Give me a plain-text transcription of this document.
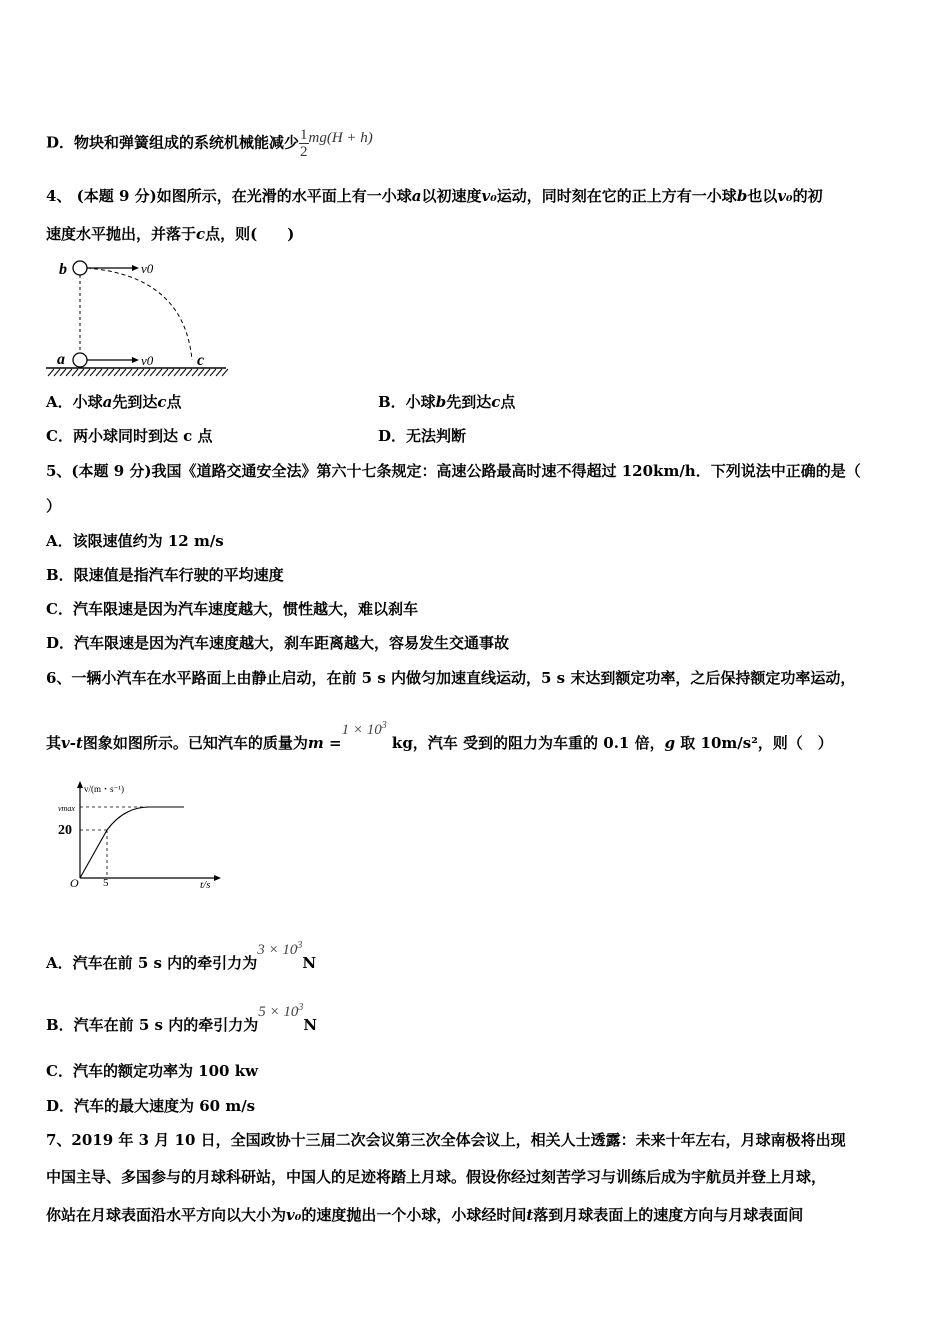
D．物块和弹簧组成的系统机械能减少 $\frac{1}{2} mg(H + h)$
4、 (本题 9 分)如图所示，在光滑的水平面上有一小球a以初速度v₀运动，同时刻在它的正上方有一小球b也以v₀的初
速度水平抛出，并落于c点，则(　　)
b	v0
a	v0	c
A．小球a先到达c点	B．小球b先到达c点
C．两小球同时到达 c 点	D．无法判断
5、(本题 9 分)我国《道路交通安全法》第六十七条规定：高速公路最高时速不得超过 120km/h．下列说法中正确的是（
）
A．该限速值约为 12 m/s
B．限速值是指汽车行驶的平均速度
C．汽车限速是因为汽车速度越大，惯性越大，难以刹车
D．汽车限速是因为汽车速度越大，刹车距离越大，容易发生交通事故
6、一辆小汽车在水平路面上由静止启动，在前 5 s 内做匀加速直线运动，5 s 末达到额定功率，之后保持额定功率运动，
其v-t图象如图所示。已知汽车的质量为$m =1 \times 10^3$ kg，汽车 受到的阻力为车重的 0.1 倍，g 取 10m/s²，则（　）
v/(m・s⁻¹)
vmax
20
O 5	t/s
A．汽车在前 5 s 内的牵引力为$3 \times 10^3N$
B．汽车在前 5 s 内的牵引力为$5 \times 10^3N$
C．汽车的额定功率为 100 kw
D．汽车的最大速度为 60 m/s
7、2019 年 3 月 10 日，全国政协十三届二次会议第三次全体会议上，相关人士透露：未来十年左右，月球南极将出现
中国主导、多国参与的月球科研站，中国人的足迹将踏上月球。假设你经过刻苦学习与训练后成为宇航员并登上月球，
你站在月球表面沿水平方向以大小为v₀的速度抛出一个小球，小球经时间t落到月球表面上的速度方向与月球表面间
